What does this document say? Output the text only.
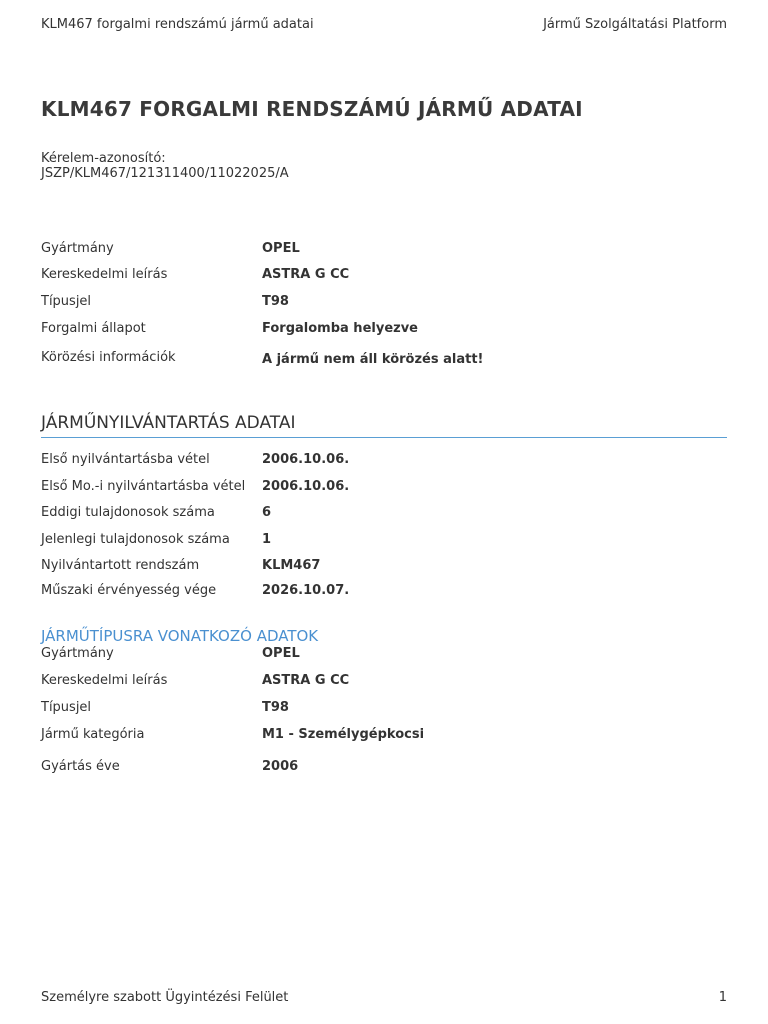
KLM467 forgalmi rendszámú jármű adatai	Jármű Szolgáltatási Platform
KLM467 FORGALMI RENDSZÁMÚ JÁRMŰ ADATAI
Kérelem-azonosító:
JSZP/KLM467/121311400/11022025/A
Gyártmány	OPEL
Kereskedelmi leírás	ASTRA G CC
Típusjel	T98
Forgalmi állapot	Forgalomba helyezve
Körözési információk	A jármű nem áll körözés alatt!
JÁRMŰNYILVÁNTARTÁS ADATAI
Első nyilvántartásba vétel	2006.10.06.
Első Mo.-i nyilvántartásba vétel 2006.10.06.
Eddigi tulajdonosok száma	6
Jelenlegi tulajdonosok száma 1
Nyilvántartott rendszám	KLM467
Műszaki érvényesség vége	2026.10.07.
JÁRMŰTÍPUSRA VONATKOZÓ ADATOK
Gyártmány	OPEL
Kereskedelmi leírás	ASTRA G CC
Típusjel	T98
Jármű kategória	M1 - Személygépkocsi
Gyártás éve	2006
Személyre szabott Ügyintézési Felület	1
